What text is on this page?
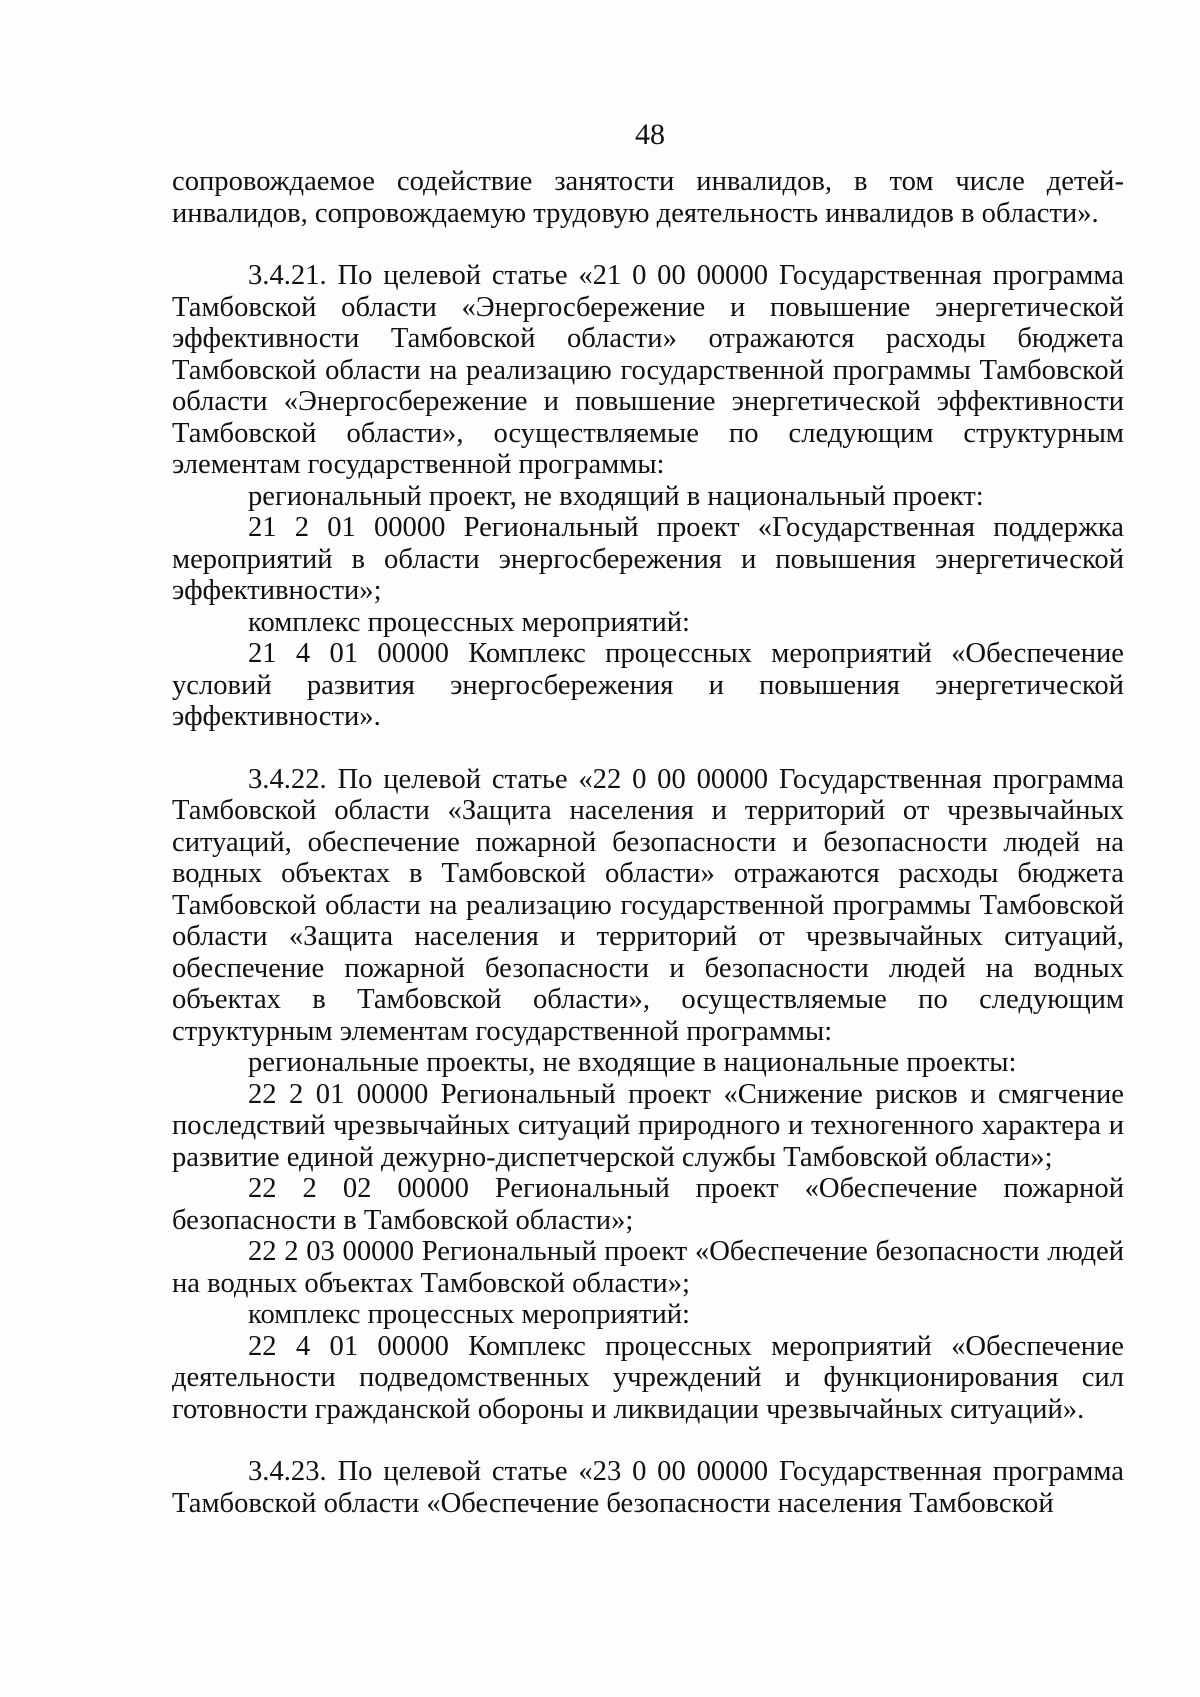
48

сопровождаемое содействие занятости инвалидов, в том числе детей-инвалидов, сопровождаемую трудовую деятельность инвалидов в области».

3.4.21. По целевой статье «21 0 00 00000 Государственная программа Тамбовской области «Энергосбережение и повышение энергетической эффективности Тамбовской области» отражаются расходы бюджета Тамбовской области на реализацию государственной программы Тамбовской области «Энергосбережение и повышение энергетической эффективности Тамбовской области», осуществляемые по следующим структурным элементам государственной программы:

региональный проект, не входящий в национальный проект:

21 2 01 00000 Региональный проект «Государственная поддержка мероприятий в области энергосбережения и повышения энергетической эффективности»;

комплекс процессных мероприятий:

21 4 01 00000 Комплекс процессных мероприятий «Обеспечение условий развития энергосбережения и повышения энергетической эффективности».

3.4.22. По целевой статье «22 0 00 00000 Государственная программа Тамбовской области «Защита населения и территорий от чрезвычайных ситуаций, обеспечение пожарной безопасности и безопасности людей на водных объектах в Тамбовской области» отражаются расходы бюджета Тамбовской области на реализацию государственной программы Тамбовской области «Защита населения и территорий от чрезвычайных ситуаций, обеспечение пожарной безопасности и безопасности людей на водных объектах в Тамбовской области», осуществляемые по следующим структурным элементам государственной программы:

региональные проекты, не входящие в национальные проекты:

22 2 01 00000 Региональный проект «Снижение рисков и смягчение последствий чрезвычайных ситуаций природного и техногенного характера и развитие единой дежурно-диспетчерской службы Тамбовской области»;

22 2 02 00000 Региональный проект «Обеспечение пожарной безопасности в Тамбовской области»;

22 2 03 00000 Региональный проект «Обеспечение безопасности людей на водных объектах Тамбовской области»;

комплекс процессных мероприятий:

22 4 01 00000 Комплекс процессных мероприятий «Обеспечение деятельности подведомственных учреждений и функционирования сил готовности гражданской обороны и ликвидации чрезвычайных ситуаций».

3.4.23. По целевой статье «23 0 00 00000 Государственная программа Тамбовской области «Обеспечение безопасности населения Тамбовской
